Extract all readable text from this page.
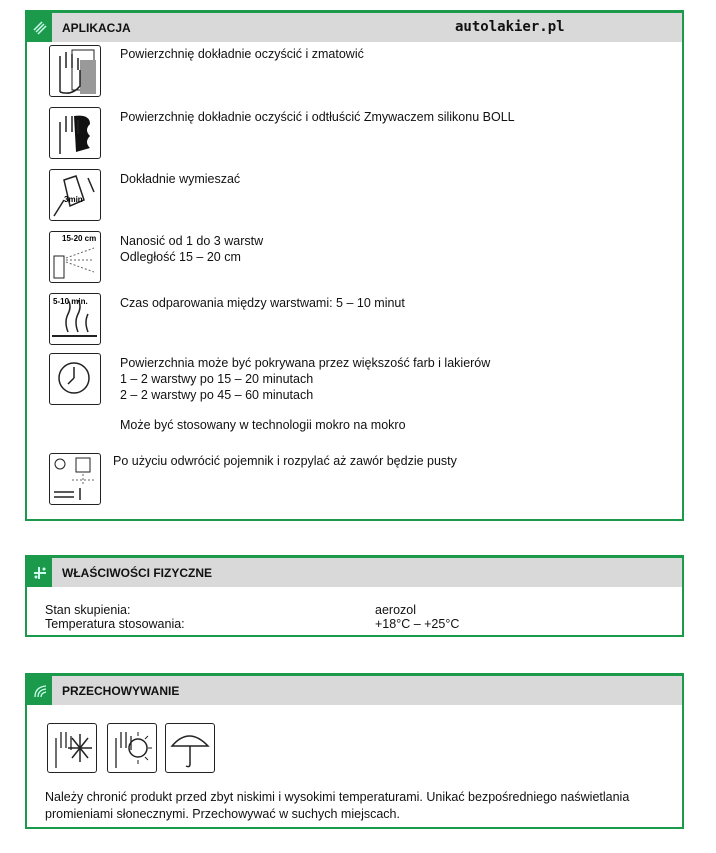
APLIKACJA	autolakier.pl
Powierzchnię dokładnie oczyścić i zmatowić
Powierzchnię dokładnie oczyścić i odtłuścić Zmywaczem silikonu BOLL
3min
Dokładnie wymieszać
15-20 cm Nanosić od 1 do 3 warstw
Odległość 15 – 20 cm
5-10 min.	Czas odparowania między warstwami: 5 – 10 minut
Powierzchnia może być pokrywana przez większość farb i lakierów
1 – 2 warstwy po 15 – 20 minutach
2 – 2 warstwy po 45 – 60 minutach
Może być stosowany w technologii mokro na mokro
Po użyciu odwrócić pojemnik i rozpylać aż zawór będzie pusty
WŁAŚCIWOŚCI FIZYCZNE
Stan skupienia:	aerozol
Temperatura stosowania:	+18°C – +25°C
PRZECHOWYWANIE
Należy chronić produkt przed zbyt niskimi i wysokimi temperaturami. Unikać bezpośredniego naświetlania promieniami słonecznymi. Przechowywać w suchych miejscach.
